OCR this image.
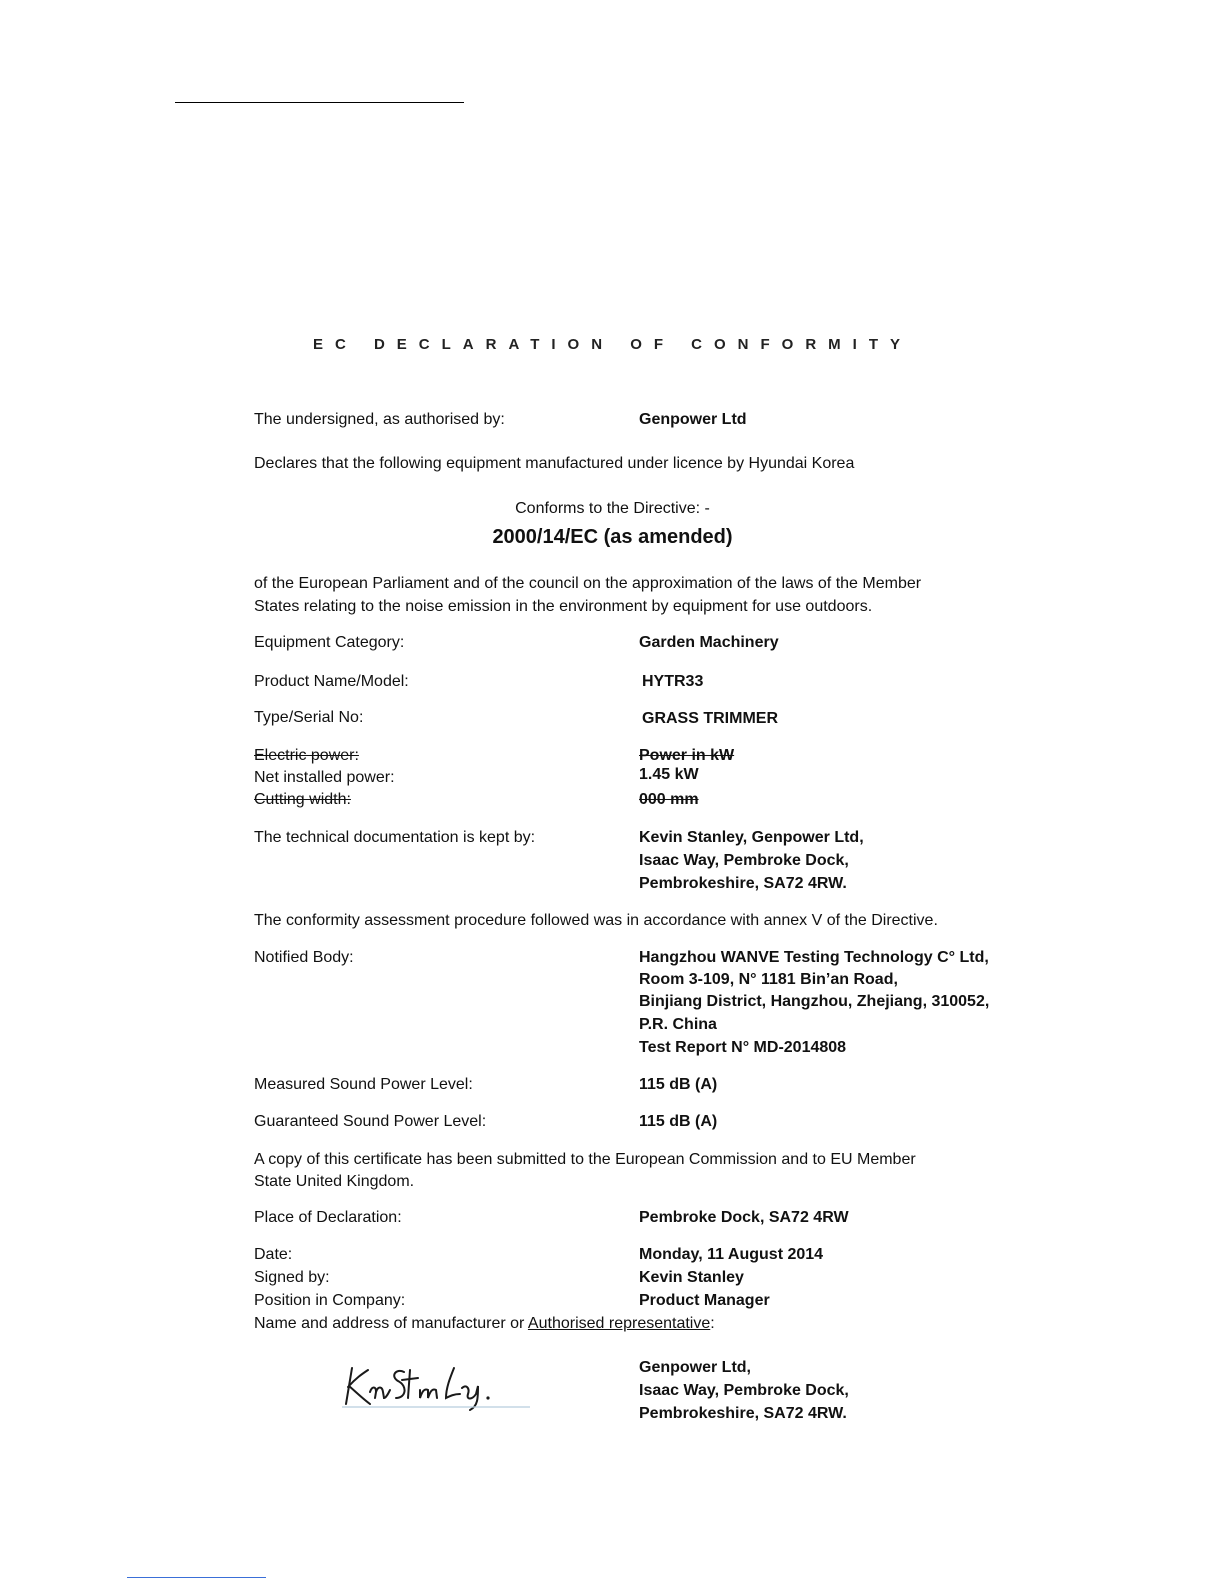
EC DECLARATION OF CONFORMITY
The undersigned, as authorised by:	Genpower Ltd
Declares that the following equipment manufactured under licence by Hyundai Korea
Conforms to the Directive: -
2000/14/EC (as amended)
of the European Parliament and of the council on the approximation of the laws of the Member
States relating to the noise emission in the environment by equipment for use outdoors.
Equipment Category:	Garden Machinery
Product Name/Model:	HYTR33
Type/Serial No:	GRASS TRIMMER
Electric power:	Power in kW
Net installed power:	1.45 kW
Cutting width:	000 mm
The technical documentation is kept by:	Kevin Stanley, Genpower Ltd,
Isaac Way, Pembroke Dock,
Pembrokeshire, SA72 4RW.
The conformity assessment procedure followed was in accordance with annex V of the Directive.
Notified Body:	Hangzhou WANVE Testing Technology C° Ltd,
Room 3-109, N° 1181 Bin’an Road,
Binjiang District, Hangzhou, Zhejiang, 310052,
P.R. China
Test Report N° MD-2014808
Measured Sound Power Level:	115 dB (A)
Guaranteed Sound Power Level:	115 dB (A)
A copy of this certificate has been submitted to the European Commission and to EU Member
State United Kingdom.
Place of Declaration:	Pembroke Dock, SA72 4RW
Date:	Monday, 11 August 2014
Signed by:	Kevin Stanley
Position in Company:	Product Manager
Name and address of manufacturer or Authorised representative:
Genpower Ltd,
Isaac Way, Pembroke Dock,
Pembrokeshire, SA72 4RW.
